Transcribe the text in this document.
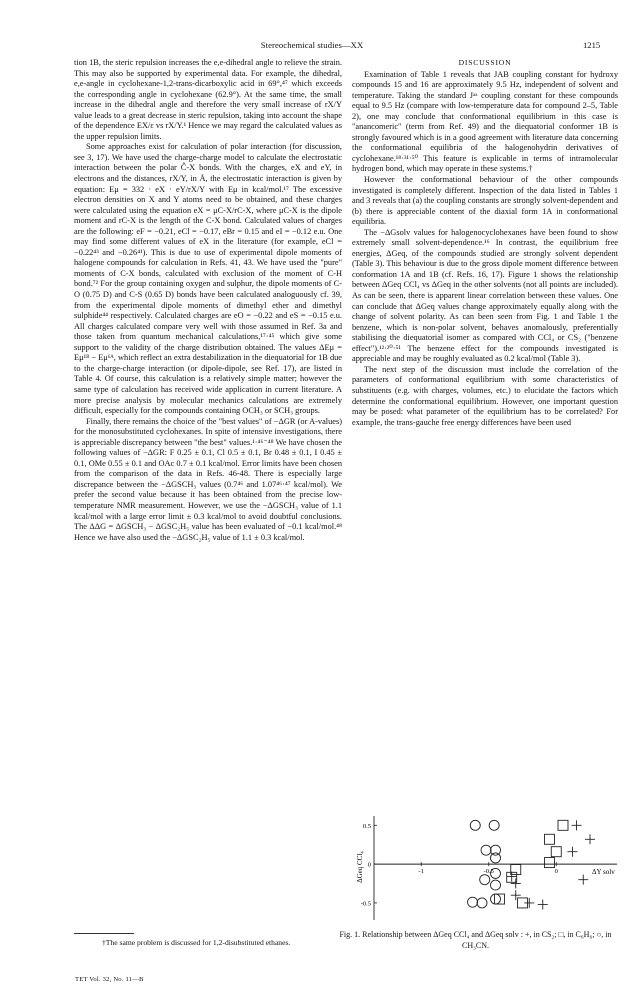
Stereochemical studies—XX	1215

tion 1B, the steric repulsion increases the e,e-dihedral angle to relieve the strain. This may also be supported by experimental data. For example, the dihedral, e,e-angle in cyclohexane-1,2-trans-dicarboxylic acid in 69°,⁴⁷ which exceeds the corresponding angle in cyclohexane (62.9°). At the same time, the small increase in the dihedral angle and therefore the very small increase of rX/Y value leads to a great decrease in steric repulsion, taking into account the shape of the dependence EX/ε vs rX/Y.¹ Hence we may regard the calculated values as the upper repulsion limits.

Some approaches exist for calculation of polar interaction (for discussion, see 3, 17). We have used the charge-charge model to calculate the electrostatic interaction between the polar Ĉ-X bonds. With the charges, eX and eY, in electrons and the distances, rX/Y, in Å, the electrostatic interaction is given by equation: Eμ = 332 · eX · eY/rX/Y with Eμ in kcal/mol.¹⁷ The excessive electron densities on X and Y atoms need to be obtained, and these charges were calculated using the equation eX = μC-X/rC-X, where μC-X is the dipole moment and rC-X is the length of the C-X bond. Calculated values of charges are the following: eF = −0.21, eCl = −0.17, eBr = 0.15 and eI = −0.12 e.u. One may find some different values of eX in the literature (for example, eCl = −0.22⁴³ and −0.26⁴¹). This is due to use of experimental dipole moments of halogene compounds for calculation in Refs. 41, 43. We have used the "pure" moments of C-X bonds, calculated with exclusion of the moment of C-H bond.⁷² For the group containing oxygen and sulphur, the dipole moments of C-O (0.75 D) and C-S (0.65 D) bonds have been calculated analoguously cf. 39, from the experimental dipole moments of dimethyl ether and dimethyl sulphide⁴⁴ respectively. Calculated charges are eO = −0.22 and eS = −0.15 e.u. All charges calculated compare very well with those assumed in Ref. 3a and those taken from quantum mechanical calculations,¹⁷·⁴⁵ which give some support to the validity of the charge distribution obtained. The values ΔEμ = Eμ¹ᴮ − Eμ¹ᴬ, which reflect an extra destabilization in the diequatorial for 1B due to the charge-charge interaction (or dipole-dipole, see Ref. 17), are listed in Table 4. Of course, this calculation is a relatively simple matter; however the same type of calculation has received wide application in current literature. A more precise analysis by molecular mechanics calculations are extremely difficult, especially for the compounds containing OCH₃ or SCH₃ groups.

Finally, there remains the choice of the "best values" of −ΔGR (or A-values) for the monosubstituted cyclohexanes. In spite of intensive investigations, there is appreciable discrepancy between "the best" values.¹·⁴⁶⁻⁴⁸ We have chosen the following values of −ΔGR: F 0.25 ± 0.1, Cl 0.5 ± 0.1, Br 0.48 ± 0.1, I 0.45 ± 0.1, OMe 0.55 ± 0.1 and OAc 0.7 ± 0.1 kcal/mol. Error limits have been chosen from the comparison of the data in Refs. 46-48. There is especially large discrepance between the −ΔGSCH₃ values (0.7⁴⁶ and 1.07⁴⁶·⁴⁷ kcal/mol). We prefer the second value because it has been obtained from the precise low-temperature NMR measurement. However, we use the −ΔGSCH₃ value of 1.1 kcal/mol with a large error limit ± 0.3 kcal/mol to avoid doubtful conclusions. The ΔΔG = ΔGSCH₃ − ΔGSC₂H₅ value has been evaluated of −0.1 kcal/mol.⁴⁸ Hence we have also used the −ΔGSC₂H₅ value of 1.1 ± 0.3 kcal/mol.

DISCUSSION

Examination of Table 1 reveals that JAB coupling constant for hydroxy compounds 15 and 16 are approximately 9.5 Hz, independent of solvent and temperature. Taking the standard Jᵃᵃ coupling constant for these compounds equal to 9.5 Hz (compare with low-temperature data for compound 2–5, Table 2), one may conclude that conformational equilibrium in this case is "anancomeric" (term from Ref. 49) and the diequatorial conformer 1B is strongly favoured which is in a good agreement with literature data concerning the conformational equilibria of the halogenohydrin derivatives of cyclohexane.¹⁸·³¹·⁵⁰ This feature is explicable in terms of intramolecular hydrogen bond, which may operate in these systems.†

However the conformational behaviour of the other compounds investigated is completely different. Inspection of the data listed in Tables 1 and 3 reveals that (a) the coupling constants are strongly solvent-dependent and (b) there is appreciable content of the diaxial form 1A in conformational equilibria.

The −ΔGsolv values for halogenocyclohexanes have been found to show extremely small solvent-dependence.¹⁶ In contrast, the equilibrium free energies, ΔGeq, of the compounds studied are strongly solvent dependent (Table 3). This behaviour is due to the gross dipole moment difference between conformation 1A and 1B (cf. Refs. 16, 17). Figure 1 shows the relationship between ΔGeq CCl₄ vs ΔGeq in the other solvents (not all points are included). As can be seen, there is apparent linear correlation between these values. One can conclude that ΔGeq values change approximately equally along with the change of solvent polarity. As can been seen from Fig. 1 and Table 1 the benzene, which is non-polar solvent, behaves anomalously, preferentially stabilising the diequatorial isomer as compared with CCl₄ or CS₂ ("benzene effect").¹²·²⁰·⁵¹ The benzene effect for the compounds investigated is appreciable and may be roughly evaluated as 0.2 kcal/mol (Table 3).

The next step of the discussion must include the correlation of the parameters of conformational equilibrium with some characteristics of substituents (e.g. with charges, volumes, etc.) to elucidate the factors which determine the conformational equilibrium. However, one important question may be posed: what parameter of the equilibrium has to be correlated? For example, the trans-gauche free energy differences have been used

ΔGeq CCl₄	ΔY solv
0.5
0
-0.5
-1	-0.5	0
Fig. 1. Relationship between ΔGeq CCl₄ and ΔGeq solv : +, in CS₂; □, in C₆H₆; ○, in CH₃CN.
†The same problem is discussed for 1,2-disubstituted ethanes.
TET Vol. 32, No. 11—B
